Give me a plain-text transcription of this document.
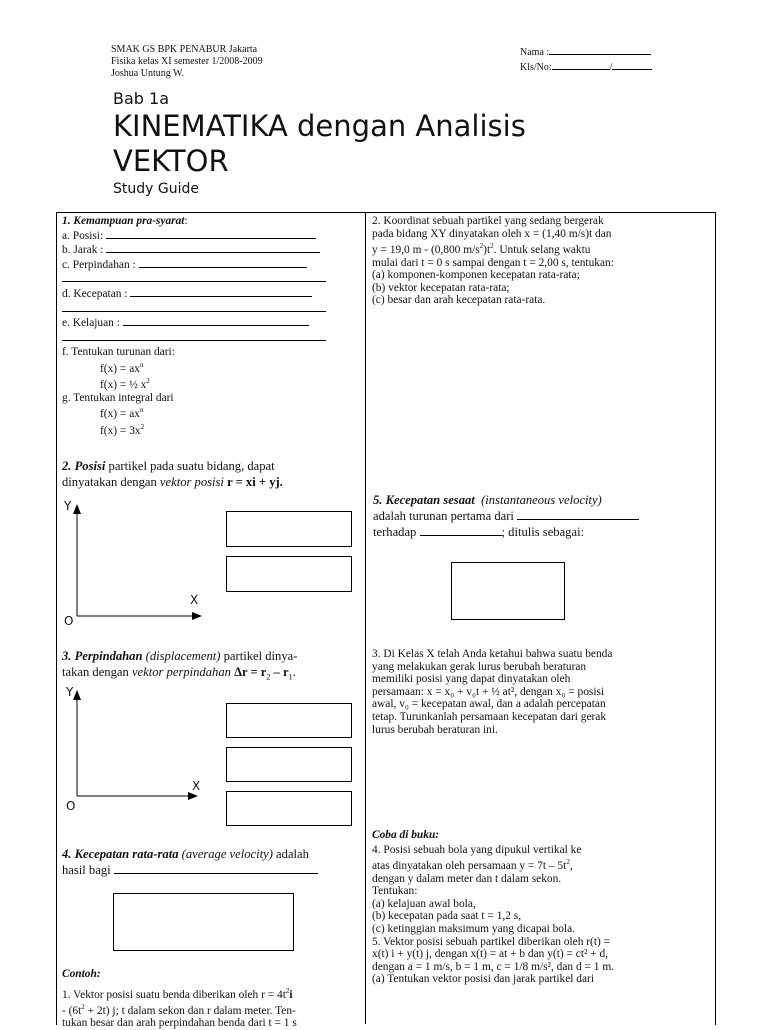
SMAK GS BPK PENABUR Jakarta
Fisika kelas XI semester 1/2008-2009
Joshua Untung W.
Nama :
Kls/No:	/
Bab 1a
KINEMATIKA dengan Analisis
VEKTOR
Study Guide
1. Kemampuan pra-syarat:
a. Posisi:
b. Jarak :
c. Perpindahan :
d. Kecepatan :
e. Kelajuan :
f. Tentukan turunan dari:
$f(x) = ax^n$
f(x) = ½ $x^2$
g. Tentukan integral dari
$f(x) = ax^n$
$f(x) = 3x^2$
2. Posisi partikel pada suatu bidang, dapat
dinyatakan dengan vektor posisi r = xi + yj.
Y
X
O
3. Perpindahan (displacement) partikel dinya-
takan dengan vektor perpindahan $\Delta r = r_2 - r_1$.
Y
X
O
4. Kecepatan rata-rata (average velocity) adalah
hasil bagi
Contoh:
1. Vektor posisi suatu benda diberikan oleh $r = 4t^2i$
- $(6t^2 + 2t)$ j; t dalam sekon dan r dalam meter. Ten-
tukan besar dan arah perpindahan benda dari t = 1 s
2. Koordinat sebuah partikel yang sedang bergerak
pada bidang XY dinyatakan oleh x = (1,40 m/s)t dan
y = 19,0 m - (0,800 $m/s^2)t^2$. Untuk selang waktu
mulai dari t = 0 s sampai dengan t = 2,00 s, tentukan:
(a) komponen-komponen kecepatan rata-rata;
(b) vektor kecepatan rata-rata;
(c) besar dan arah kecepatan rata-rata.
5. Kecepatan sesaat (instantaneous velocity)
adalah turunan pertama dari
terhadap	; ditulis sebagai:
3. Di Kelas X telah Anda ketahui bahwa suatu benda
yang melakukan gerak lurus berubah beraturan
memiliki posisi yang dapat dinyatakan oleh
persamaan: x = x₀ + v₀t + ½ at², dengan x₀ = posisi
awal, v₀ = kecepatan awal, dan a adalah percepatan
tetap. Turunkanlah persamaan kecepatan dari gerak
lurus berubah beraturan ini.
Coba di buku:
4. Posisi sebuah bola yang dipukul vertikal ke
atas dinyatakan oleh persamaan $y = 7t - 5t^2$,
dengan y dalam meter dan t dalam sekon.
Tentukan:
(a) kelajuan awal bola,
(b) kecepatan pada saat t = 1,2 s,
(c) ketinggian maksimum yang dicapai bola.
5. Vektor posisi sebuah partikel diberikan oleh r(t) =
x(t) i + y(t) j, dengan x(t) = at + b dan y(t) = ct² + d,
dengan a = 1 m/s, b = 1 m, c = 1/8 m/s², dan d = 1 m.
(a) Tentukan vektor posisi dan jarak partikel dari
